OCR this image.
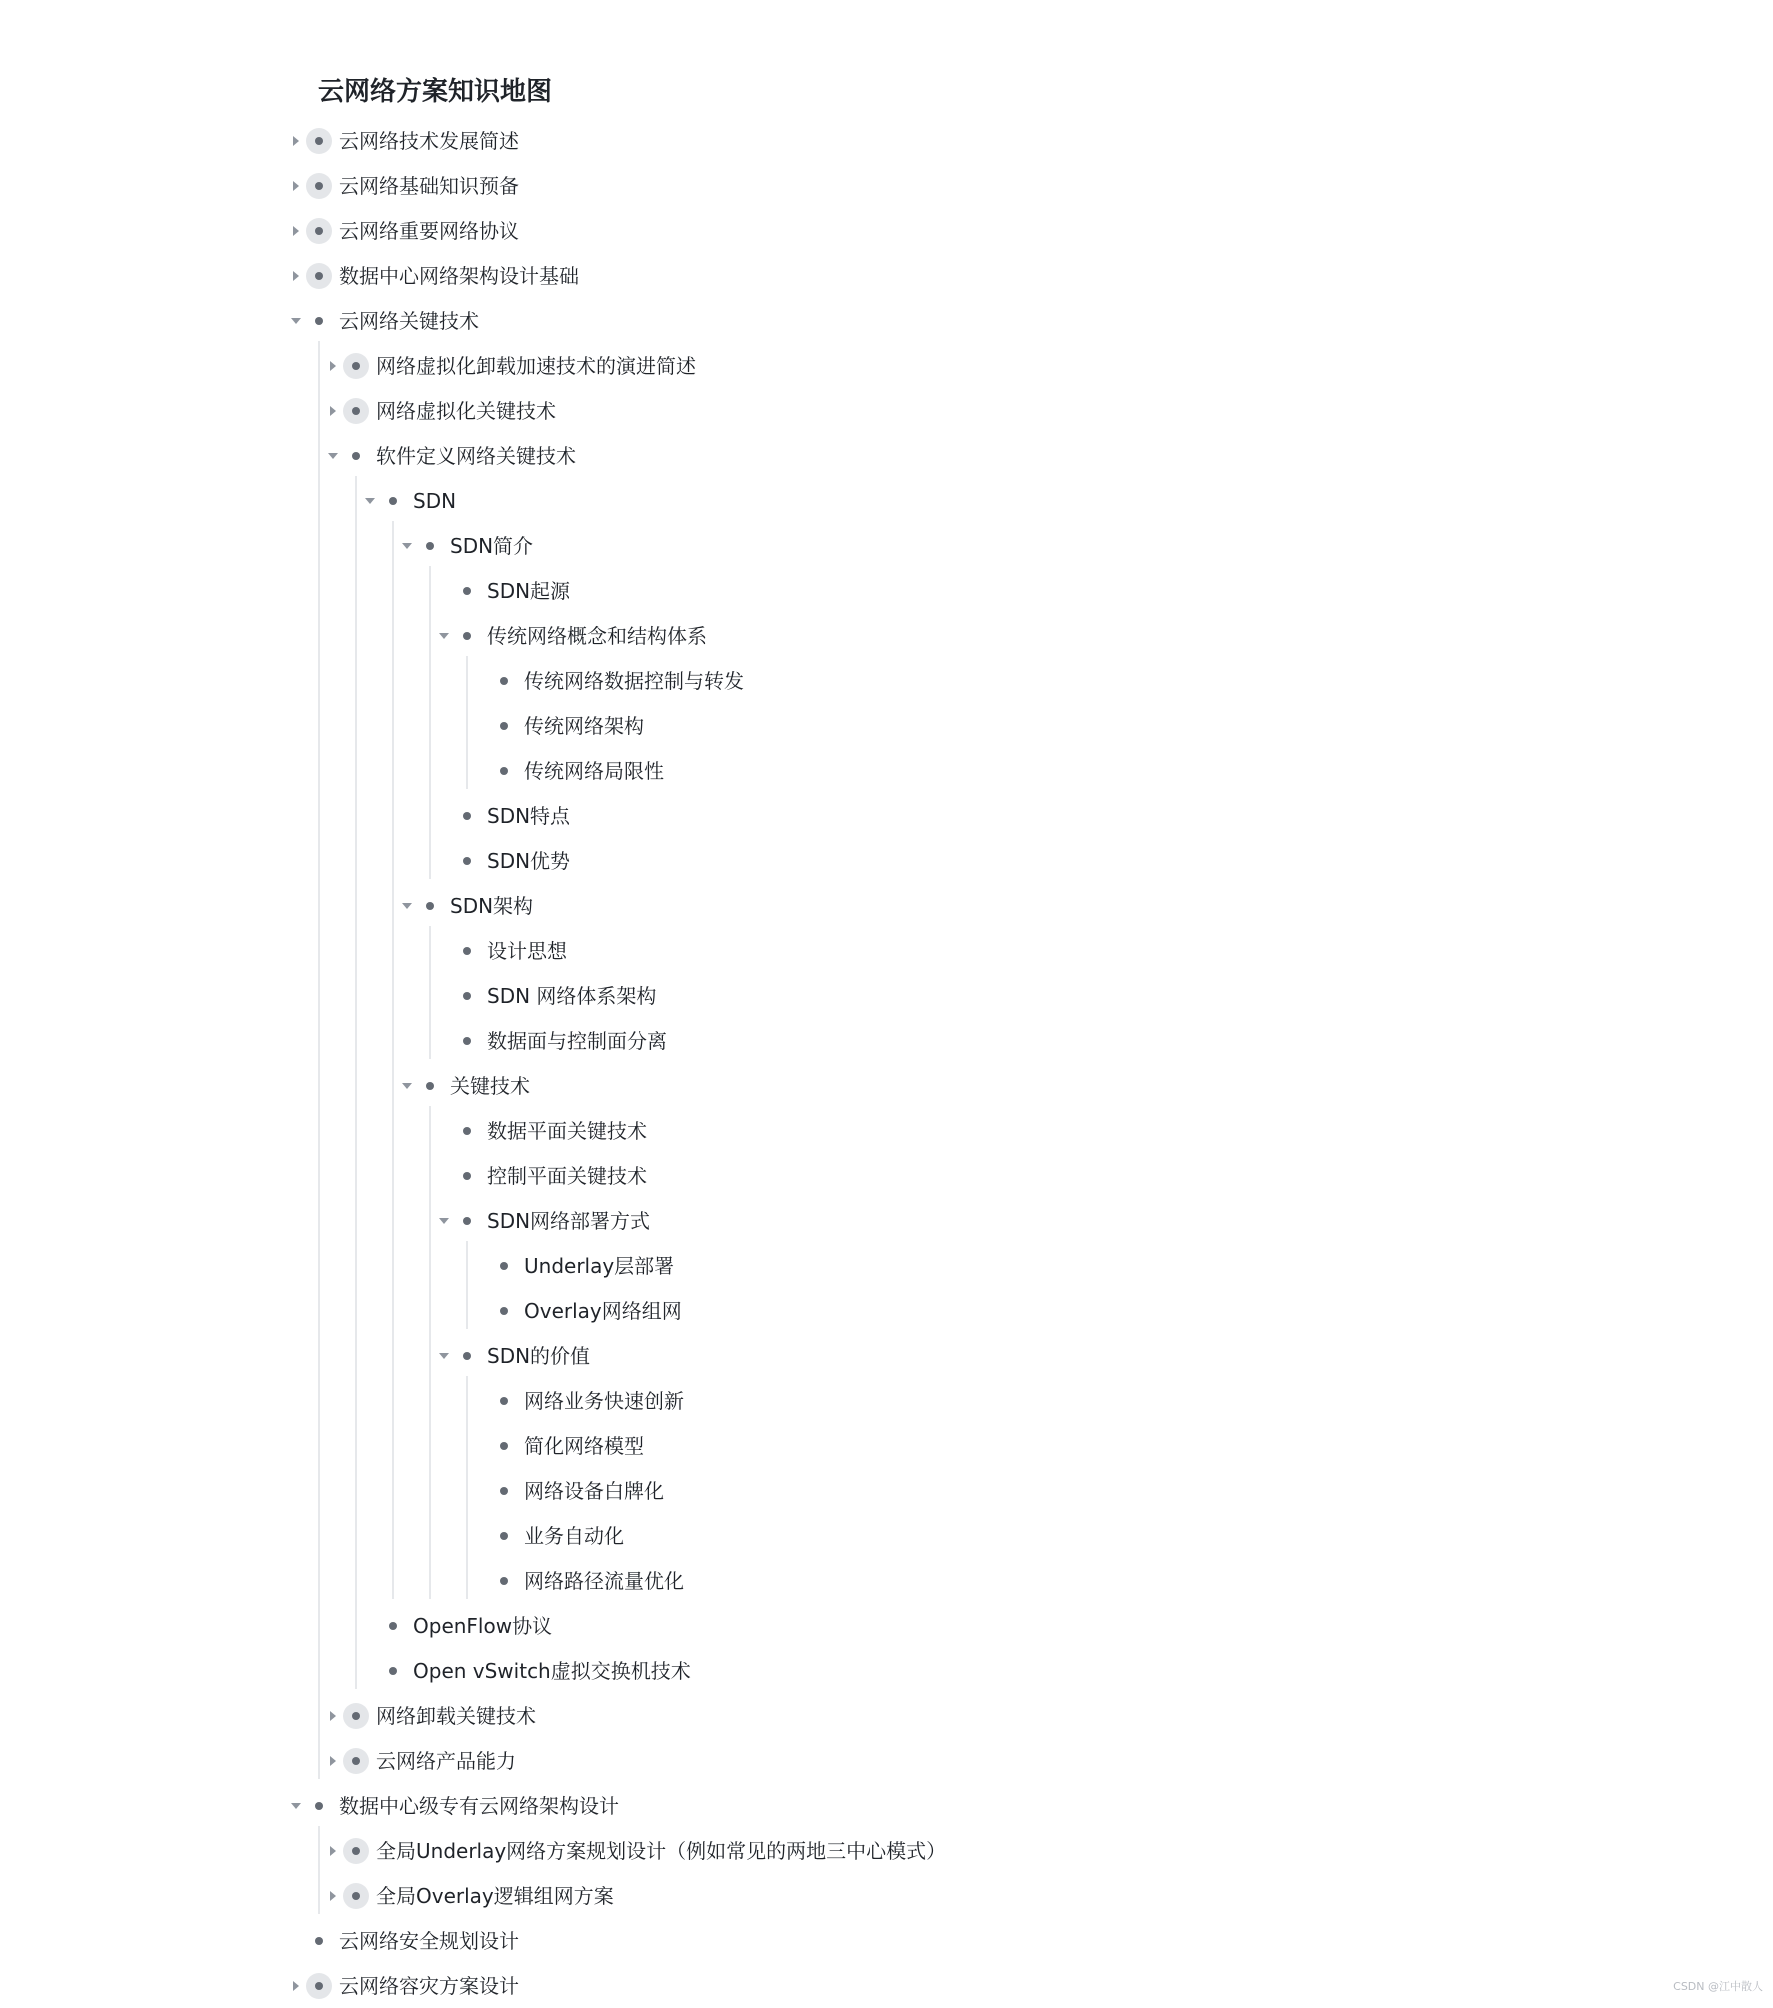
云网络方案知识地图
云网络技术发展简述
云网络基础知识预备
云网络重要网络协议
数据中心网络架构设计基础
云网络关键技术
网络虚拟化卸载加速技术的演进简述
网络虚拟化关键技术
软件定义网络关键技术
SDN
SDN简介
SDN起源
传统网络概念和结构体系
传统网络数据控制与转发
传统网络架构
传统网络局限性
SDN特点
SDN优势
SDN架构
设计思想
SDN 网络体系架构
数据面与控制面分离
关键技术
数据平面关键技术
控制平面关键技术
SDN网络部署方式
Underlay层部署
Overlay网络组网
SDN的价值
网络业务快速创新
简化网络模型
网络设备白牌化
业务自动化
网络路径流量优化
OpenFlow协议
Open vSwitch虚拟交换机技术
网络卸载关键技术
云网络产品能力
数据中心级专有云网络架构设计
全局Underlay网络方案规划设计（例如常见的两地三中心模式）
全局Overlay逻辑组网方案
云网络安全规划设计
云网络容灾方案设计	CSDN @江中散人
